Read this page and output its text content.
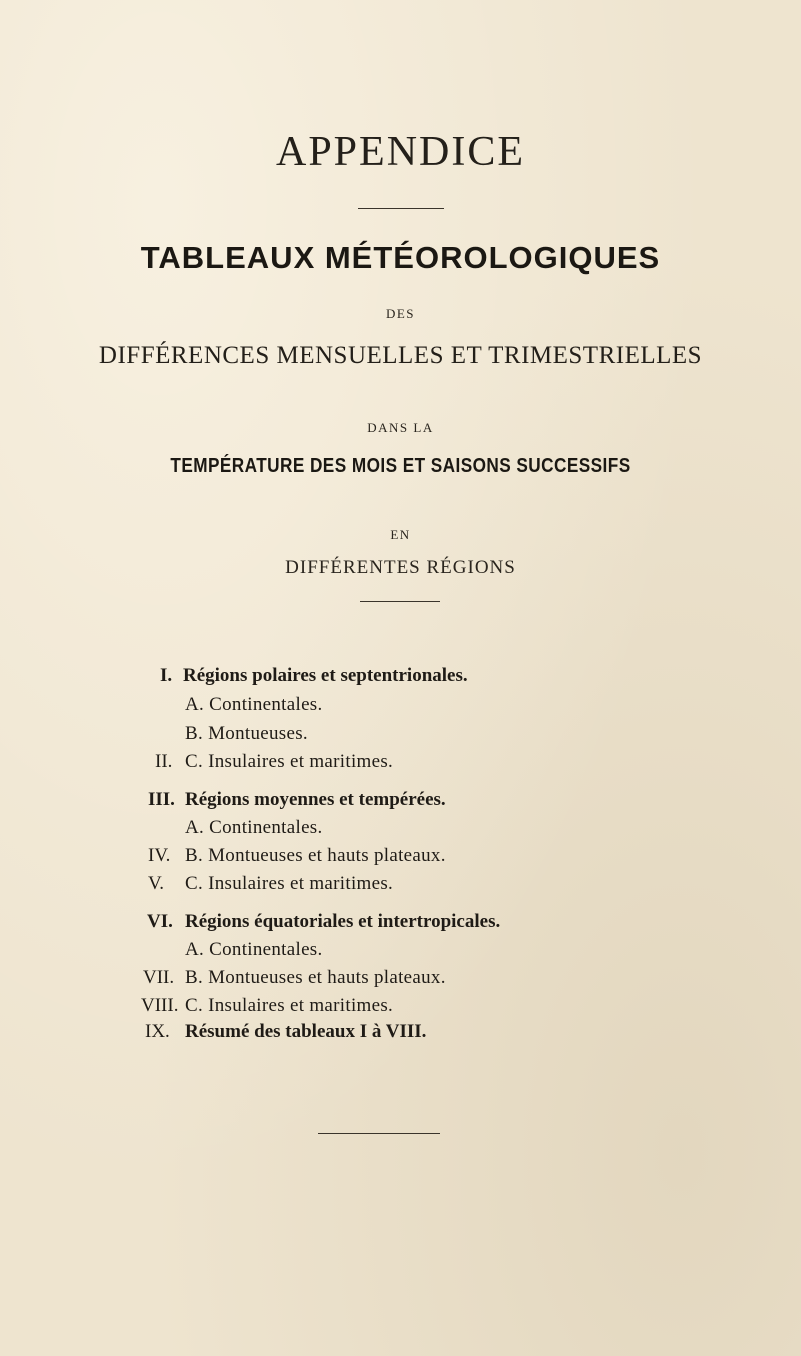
APPENDICE
TABLEAUX MÉTÉOROLOGIQUES
DES
DIFFÉRENCES MENSUELLES ET TRIMESTRIELLES
DANS LA
TEMPÉRATURE DES MOIS ET SAISONS SUCCESSIFS
EN
DIFFÉRENTES RÉGIONS
I. Régions polaires et septentrionales.
A. Continentales.
B. Montueuses.
II. C. Insulaires et maritimes.
III. Régions moyennes et tempérées.
A. Continentales.
IV. B. Montueuses et hauts plateaux.
V. C. Insulaires et maritimes.
VI. Régions équatoriales et intertropicales.
A. Continentales.
VII. B. Montueuses et hauts plateaux.
VIII. C. Insulaires et maritimes.
IX. Résumé des tableaux I à VIII.
